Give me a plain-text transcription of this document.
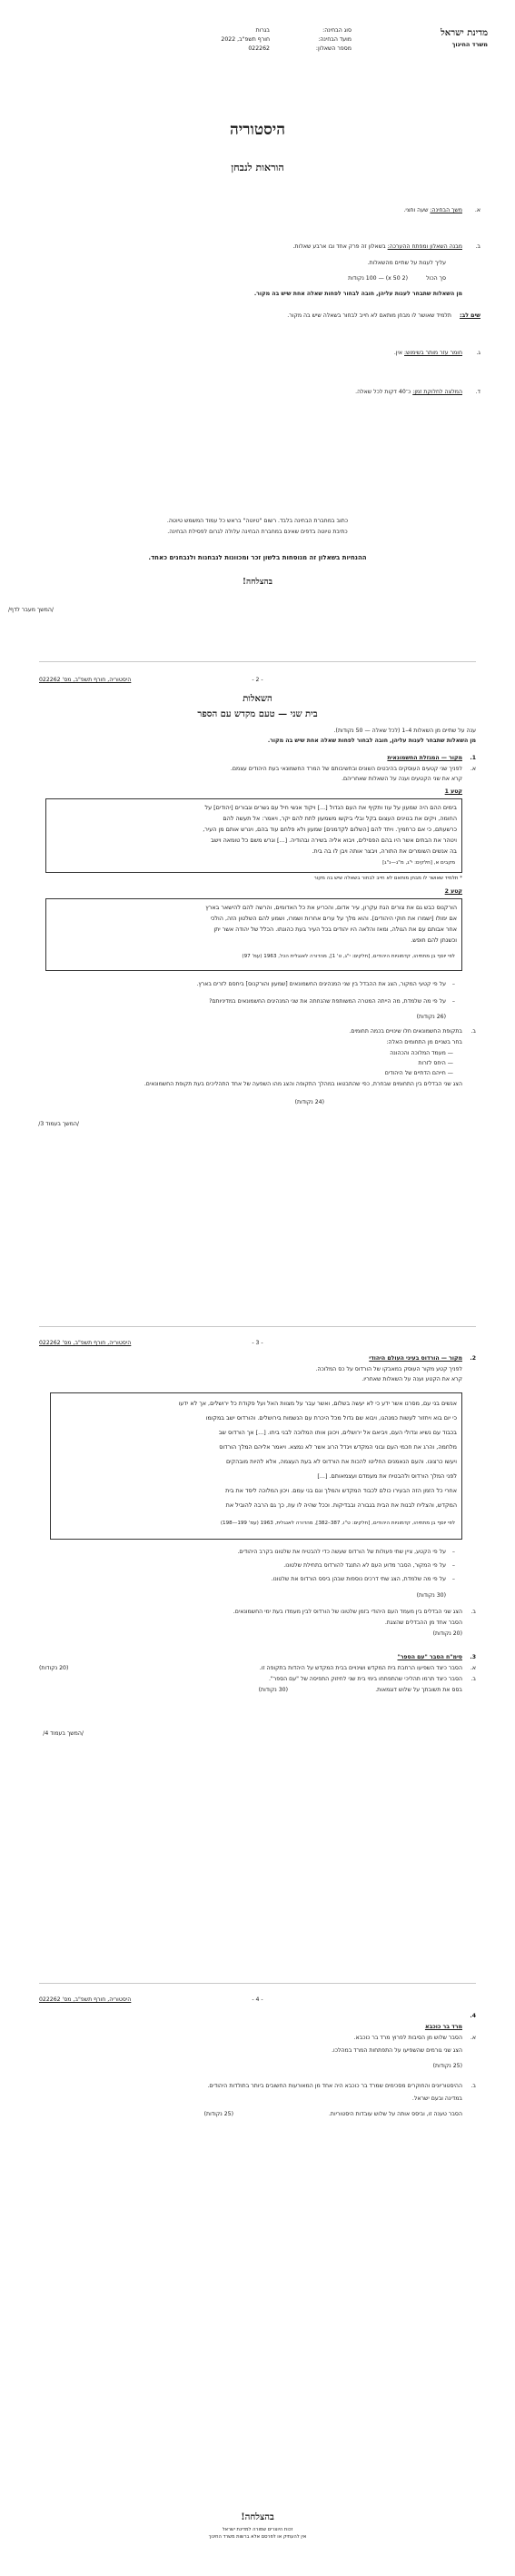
מדינת ישראל
משרד החינוך
סוג הבחינה:
בגרות
מועד הבחינה:
חורף תשפ"ב, 2022
מספר השאלון:
022262
היסטוריה
הוראות לנבחן
א.
משך הבחינה: שעה וחצי.
ב.
מבנה השאלון ומפתח ההערכה: בשאלון זה פרק אחד ובו ארבע שאלות.
עליך לענות על שתיים מהשאלות.
סך הכול
(2 x 50) — 100 נקודות
מן השאלות שתבחר לענות עליהן, חובה לבחור לפחות שאלה אחת שיש בה מקור.
שים לב:
תלמיד שאושר לו מבחן מותאם לא חייב לבחור בשאלה שיש בה מקור.
ג.
חומר עזר מותר בשימוש: אין.
ד.
המלצה לחלוקת זמן: כ־40 דקות לכל שאלה.
כתוב במחברת הבחינה בלבד. רשום "טיוטה" בראש כל עמוד המשמש טיוטה.
כתיבת טיוטה בדפים שאינם במחברת הבחינה עלולה לגרום לפסילת הבחינה.
ההנחיות בשאלון זה מנוסחות בלשון זכר ומכוונות לנבחנות ולנבחנים כאחד.
בהצלחה!
/המשך מעבר לדף/
היסטוריה, חורף תשפ"ב, מס' 022262	- 2 -
השאלות
בית שני — טעם מקדש עם הספר
ענה על שתיים מן השאלות 4–1 (לכל שאלה — 50 נקודות).
מן השאלות שתבחר לענות עליהן, חובה לבחור לפחות שאלה אחת שיש בה מקור.
1.
מקור — המגזלת החשמונאית
א.
לפניך שני קטעים העוסקים בהיבטים השונים ובחשיבותם של המרד החשמונאי בעת היהודים עצמם.
קרא את שני הקטעים וענה על השאלות שאחריהם.
קטע 1
מקבים א, [חלקים: י"ג, מ"ג—נ"ג]
* תלמיד שאושר לו מבחן מותאם לא חייב לבחור בשאלה שיש בה מקור
קטע 2
לפי יוסף בן מתתיהו, קדמוניות היהודים, [חלקים: י"ג, ט' 1], מהדורה לאנגלית הכל, 1963 (עמ' 97)
–
על פי קטעי המקור, הצג את ההבדל בין שני המנהיגים החשמונאים [שמעון והורקנוס] ביחסם לזרים בארץ.
–
על פי מה שלמדת, מה הייתה המטרה המשותפת שהנחתה את שני המנהיגים החשמונאים במדיניותם?
(26 נקודות)
ב.
בתקופת החשמונאים חלו שינויים בכמה תחומים.
בחר בשניים מן התחומים האלה:
— מעמד המלוכה והכהונה
— היחס לזרות
— חייהם הדתיים של היהודים
הצג שני הבדלים בין התחומים שבחרת, כפי שהתבטאו במהלך התקופה והצג מהו השפעה של אחד התהליכים בעת תקופת החשמונאים.
(24 נקודות)
/המשך בעמוד 3/
בימים ההם היה שמעון על עוז ותקיף את העם הגדול [...] ויקוד אנשי חיל עם גשרים וגבורים [יהודים] על
החומה, ויקים את בנוינים העצום בקל ובלי ביקשו משמעון לתת להם יקר, ויאמר: אל תעשה להם
כרשעתם, כי אם כרחמיך. ויתד להם [השלום לקדמנים] שמעון ולא פלחם עוד בהם, ויגרש אותם מן העיר,
ויטהר את הבתים אשר היו בהם הפסילים, ויבוא אליה בשירה ובהודיה. [...] וגרש משם כל טומאה וישב
בה אנשים השומרים את התורה, ויבצר אותה ויבן לו בה בית.
הורקנוס כבש גם את צורים הגת עקרון, עיר אדום, והכריע את כל האדומים, והרשה להם להישאר בארץ
אם ימולו [ישמרו את חוקי היהודים]. והוא מלך על ערים אחרות ושמרו, ושמע להם השלטון הזה, הולכי
אחר אבותם עם את הגולה, ומאז והלאה היו יהודים בכל העיר בעת כהונתו. הכלל של יהודה אשר יתן
וכשנתן להם חופש.
היסטוריה, חורף תשפ"ב, מס' 022262	- 3 -
2.
מקור — הורדוס בעיני העולם היהודי
לפניך קטע מקור העוסק במאבקו של הורדוס על כס המלוכה.
קרא את הקטע וענה על השאלות שאחריו.
לפי יוסף בן מתתיהו, קדמוניות היהודים, [חלקים: ט"ו, 387–382], מהדורה לאנגלית, 1963 (עמ' 199—198)
–
על פי הקטע, ציין שתי פעולות של הורדוס שעשה כדי להבטיח את שלטונו בקרב היהודים.
–
על פי המקור, הסבר מדוע העם לא התנגד להורדוס בתחילת שלטונו.
–
על פי מה שלמדת, הצג שתי דרכים נוספות שבהן ביסס הורדוס את שלטונו.
(30 נקודות)
ב.
הצג שני הבדלים בין מעמד העם היהודי בזמן שלטונו של הורדוס לבין מעמדו בעת ימי החשמונאים.
הסבר אחד מן ההבדלים שהצגת.
(20 נקודות)
3.
סימ"ח הסבר "עם הספר"
א.
הסבר כיצד השפיעו הרחבת בית המקדש ושינויים בבית המקדש על היהדות בתקופה זו.
(20 נקודות)
ב.
הסבר כיצד תרמו תהליכי שהתפתחו בימי בית שני לחיזוק התפיסה של "עם הספר".
בסס את תשובתך על שלוש דוגמאות.
(30 נקודות)
/המשך בעמוד 4/
אנשים בני עם, מסרנו אשר ידע כי לא יעשה בשלום, ואשר עבר על מצוות האל ועל פקודת כל ירושלים, אך לא ידעו
כי יום בוא ויחזור לעשות כמנהגו, ויבוא שם גדול מכל היכרת עם הנשמות בירושלים. והורדוס ישב במקומו
בכבוד עם נשיא וגדולי העם, ויביאם אל ירושלים, ויכונן אותו המלוכה לבני ביתו. [...] אך הורדוס שב
מלחמה, והרג את חכמי העם ובוני המקדש ויגדל הרוג אשר לא נמצא. ויאמר אליהם המלך הורדוס
ויעשו כרצונו. והעם הנאמנים החליטו להכות את הורדוס לא בעת העצמה, אלא להיות מובהקים
לפני המלך הורדוס ולהבטיח את מעמדם ועצמאותם. [...]
אחרי כל הזמן הזה הבעירו כולם לכבוד המקדש והמלך וגם בני עמם. ויכון המלוכה ליסד את בית
המקדש, והצליח לבנות את הבית בגבורה ובבדיקות. וככל שהיה לו עוז, כך גם הרבה להוביל את
היסטוריה, חורף תשפ"ב, מס' 022262	- 4 -
4.
מרד בר כוכבא
א.
הסבר שלוש מן הסיבות לפרוץ מרד בר כוכבא.
הצג שני גורמים שהשפיעו על התפתחות המרד במהלכו.
(25 נקודות)
ב.
ההיסטוריונים והחוקרים מסכימים שמרד בר כוכבא היה אחד מן המאורעות החשובים ביותר בתולדות היהודים.
במדינה ובעם ישראל.
הסבר טענה זו, וביסס אותה על שלוש עובדות היסטוריות.
(25 נקודות)
בהצלחה!
זכות היוצרים שמורה למדינת ישראל
אין להעתיק או לפרסם אלא ברשות משרד החינוך
